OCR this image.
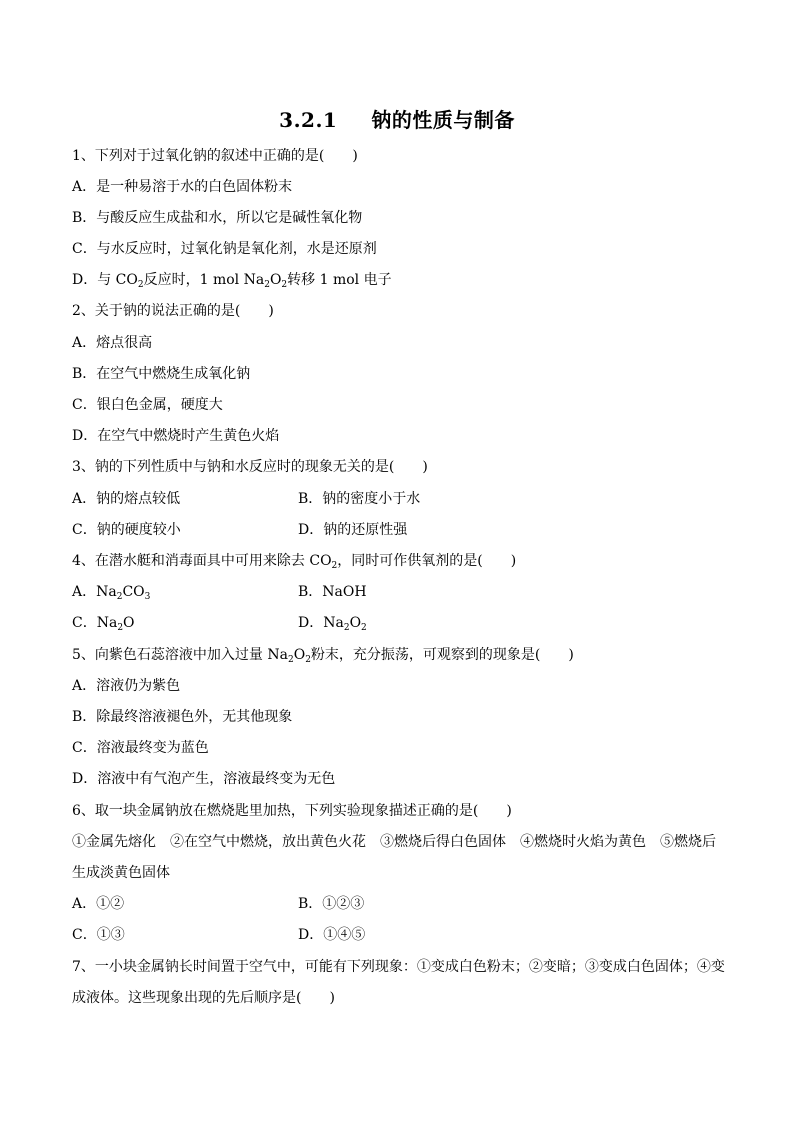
3.2.1 钠的性质与制备
1、下列对于过氧化钠的叙述中正确的是(　　)
A．是一种易溶于水的白色固体粉末
B．与酸反应生成盐和水，所以它是碱性氧化物
C．与水反应时，过氧化钠是氧化剂，水是还原剂
D．与 $CO_2$反应时，1 mol $Na_2O_2$转移 1 mol 电子
2、关于钠的说法正确的是(　　)
A．熔点很高
B．在空气中燃烧生成氧化钠
C．银白色金属，硬度大
D．在空气中燃烧时产生黄色火焰
3、钠的下列性质中与钠和水反应时的现象无关的是(　　)
A．钠的熔点较低	B．钠的密度小于水
C．钠的硬度较小	D．钠的还原性强
4、在潜水艇和消毒面具中可用来除去 $CO_2$，同时可作供氧剂的是(　　)
A．$Na_2CO_3$	B．NaOH
C．$Na_2O$	D．$Na_2O_2$
5、向紫色石蕊溶液中加入过量 $Na_2O_2$粉末，充分振荡，可观察到的现象是(　　)
A．溶液仍为紫色
B．除最终溶液褪色外，无其他现象
C．溶液最终变为蓝色
D．溶液中有气泡产生，溶液最终变为无色
6、取一块金属钠放在燃烧匙里加热，下列实验现象描述正确的是(　　)
①金属先熔化　②在空气中燃烧，放出黄色火花　③燃烧后得白色固体　④燃烧时火焰为黄色　⑤燃烧后
生成淡黄色固体
A．①②	B．①②③
C．①③	D．①④⑤
7、一小块金属钠长时间置于空气中，可能有下列现象：①变成白色粉末；②变暗；③变成白色固体；④变
成液体。这些现象出现的先后顺序是(　　)
